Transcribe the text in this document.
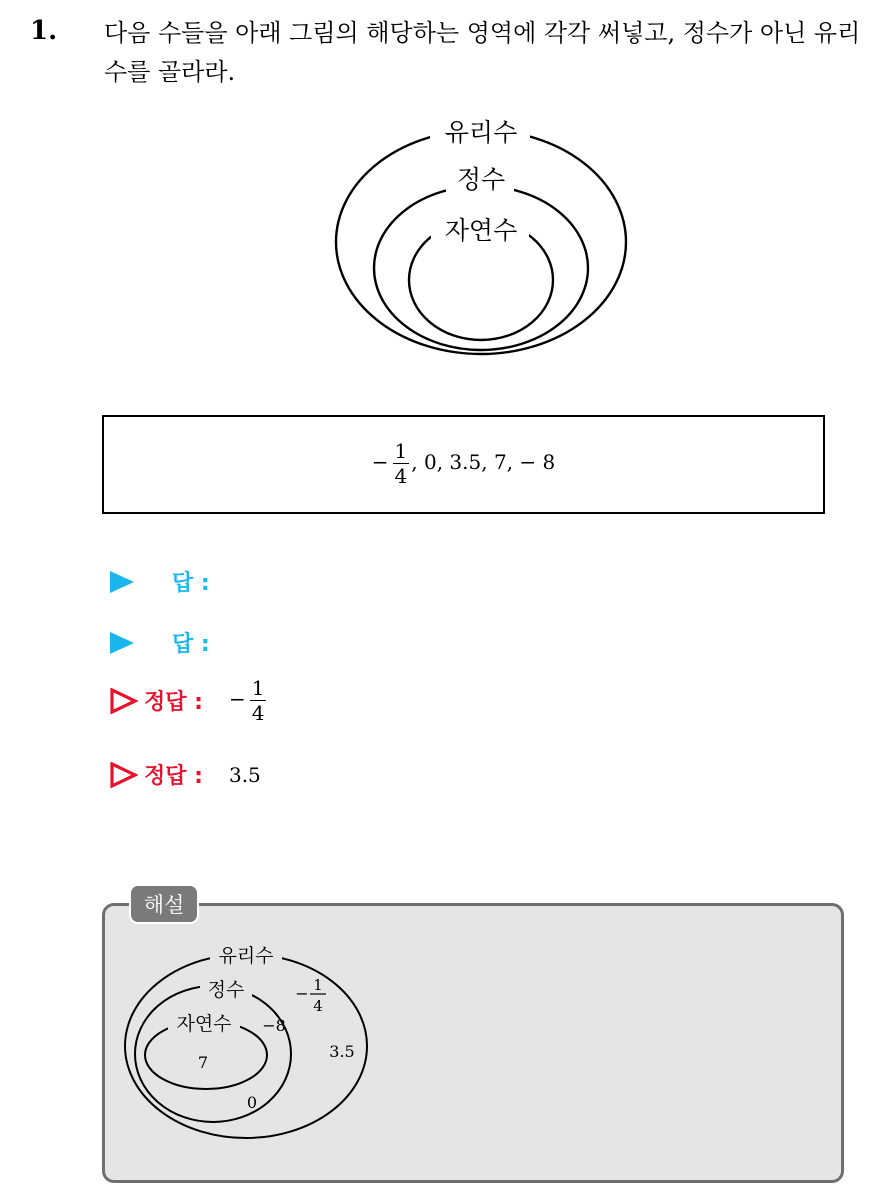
1. 다음 수들을 아래 그림의 해당하는 영역에 각각 써넣고, 정수가 아닌 유리수를 골라라.
유리수
정수
자연수
− $\frac{1}{4}$ , 0, 3.5, 7, − 8
답 :
답 :
정답 : − $\frac{1}{4}$
정답 : 3.5
해설
유리수
정수
자연수
7
0
−8
3.5
− 1
4
